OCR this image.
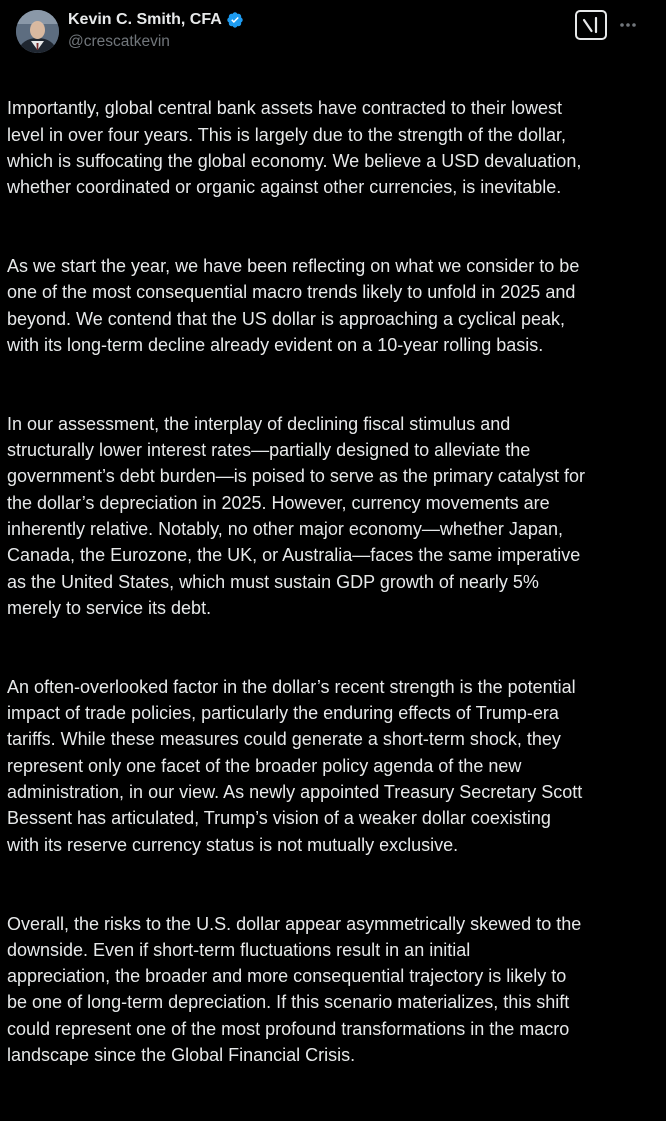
Kevin C. Smith, CFA
@crescatkevin

Importantly, global central bank assets have contracted to their lowest
level in over four years. This is largely due to the strength of the dollar,
which is suffocating the global economy. We believe a USD devaluation,
whether coordinated or organic against other currencies, is inevitable.

As we start the year, we have been reflecting on what we consider to be
one of the most consequential macro trends likely to unfold in 2025 and
beyond. We contend that the US dollar is approaching a cyclical peak,
with its long-term decline already evident on a 10-year rolling basis.

In our assessment, the interplay of declining fiscal stimulus and
structurally lower interest rates—partially designed to alleviate the
government’s debt burden—is poised to serve as the primary catalyst for
the dollar’s depreciation in 2025. However, currency movements are
inherently relative. Notably, no other major economy—whether Japan,
Canada, the Eurozone, the UK, or Australia—faces the same imperative
as the United States, which must sustain GDP growth of nearly 5%
merely to service its debt.

An often-overlooked factor in the dollar’s recent strength is the potential
impact of trade policies, particularly the enduring effects of Trump-era
tariffs. While these measures could generate a short-term shock, they
represent only one facet of the broader policy agenda of the new
administration, in our view. As newly appointed Treasury Secretary Scott
Bessent has articulated, Trump’s vision of a weaker dollar coexisting
with its reserve currency status is not mutually exclusive.

Overall, the risks to the U.S. dollar appear asymmetrically skewed to the
downside. Even if short-term fluctuations result in an initial
appreciation, the broader and more consequential trajectory is likely to
be one of long-term depreciation. If this scenario materializes, this shift
could represent one of the most profound transformations in the macro
landscape since the Global Financial Crisis.
